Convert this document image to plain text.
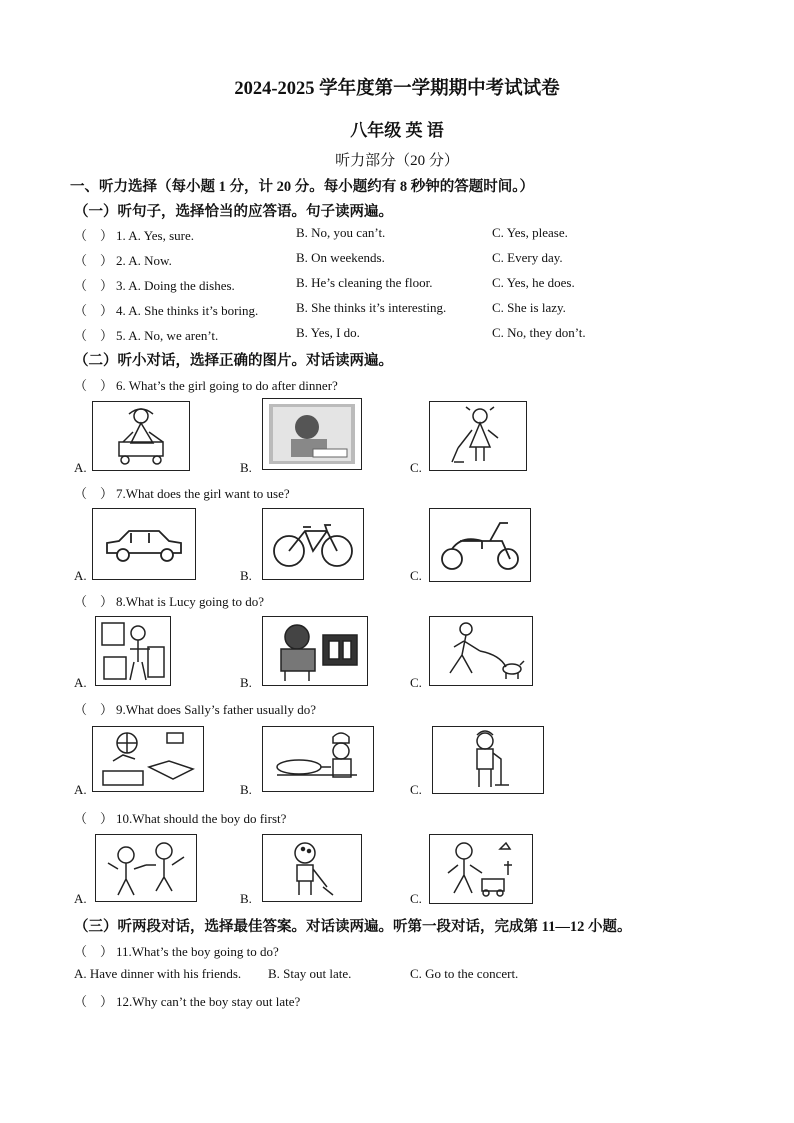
2024-2025 学年度第一学期期中考试试卷
八年级 英 语
听力部分（20 分）
一、听力选择（每小题 1 分，计 20 分。每小题约有 8 秒钟的答题时间。）
（一）听句子，选择恰当的应答语。句子读两遍。
（　） 1. A. Yes, sure.	B. No, you can’t.	C. Yes, please.
（　） 2. A. Now.	B. On weekends.	C. Every day.
（　） 3. A. Doing the dishes.	B. He’s cleaning the floor.	C. Yes, he does.
（　） 4. A. She thinks it’s boring.	B. She thinks it’s interesting.	C. She is lazy.
（　） 5. A. No, we aren’t.	B. Yes, I do.	C. No, they don’t.
（二）听小对话，选择正确的图片。对话读两遍。
（　） 6. What’s the girl going to do after dinner?
A.	B.	C.
（　） 7.What does the girl want to use?
A.	B.	C.
（　） 8.What is Lucy going to do?
A.	B.	C.
（　） 9.What does Sally’s father usually do?
A.	B.	C.
（　） 10.What should the boy do first?
A.	B.	C.
（三）听两段对话，选择最佳答案。对话读两遍。听第一段对话，完成第 11—12 小题。
（　） 11.What’s the boy going to do?
A. Have dinner with his friends. B. Stay out late.	C. Go to the concert.
（　） 12.Why can’t the boy stay out late?
